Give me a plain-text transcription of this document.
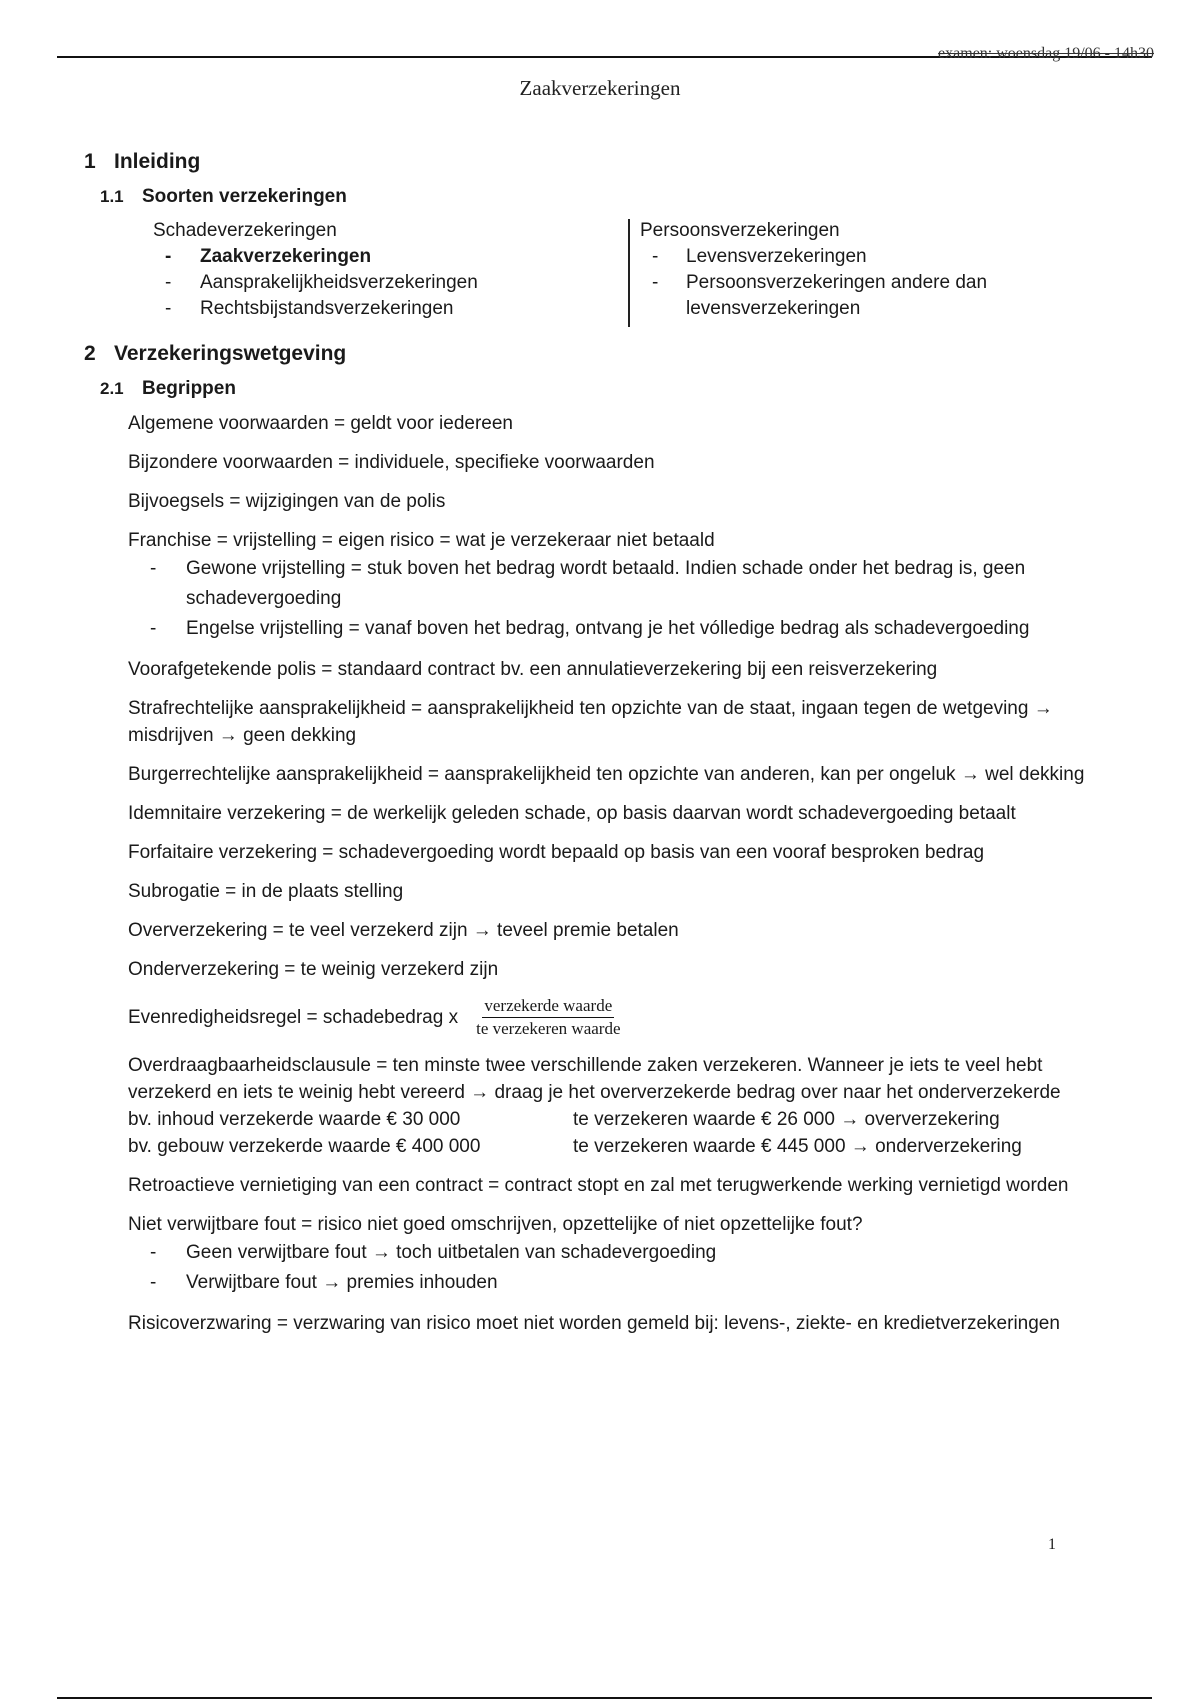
examen: woensdag 19/06 - 14h30
Zaakverzekeringen
1 Inleiding
1.1 Soorten verzekeringen

Schadeverzekeringen

- Zaakverzekeringen
- Aansprakelijkheidsverzekeringen
- Rechtsbijstandsverzekeringen

Persoonsverzekeringen

- Levensverzekeringen
- Persoonsverzekeringen andere dan levensverzekeringen
2 Verzekeringswetgeving
2.1 Begrippen

Algemene voorwaarden = geldt voor iedereen

Bijzondere voorwaarden = individuele, specifieke voorwaarden

Bijvoegsels = wijzigingen van de polis

Franchise = vrijstelling = eigen risico = wat je verzekeraar niet betaald

- Gewone vrijstelling = stuk boven het bedrag wordt betaald. Indien schade onder het bedrag is, geen schadevergoeding
- Engelse vrijstelling = vanaf boven het bedrag, ontvang je het vólledige bedrag als schadevergoeding

Voorafgetekende polis = standaard contract bv. een annulatieverzekering bij een reisverzekering

Strafrechtelijke aansprakelijkheid = aansprakelijkheid ten opzichte van de staat, ingaan tegen de wetgeving → misdrijven → geen dekking

Burgerrechtelijke aansprakelijkheid = aansprakelijkheid ten opzichte van anderen, kan per ongeluk → wel dekking

Idemnitaire verzekering = de werkelijk geleden schade, op basis daarvan wordt schadevergoeding betaalt

Forfaitaire verzekering = schadevergoeding wordt bepaald op basis van een vooraf besproken bedrag

Subrogatie = in de plaats stelling

Oververzekering = te veel verzekerd zijn → teveel premie betalen

Onderverzekering = te weinig verzekerd zijn

Evenredigheidsregel = schadebedrag x $\frac{\text{verzekerde waarde}}{\text{te verzekeren waarde}}$

Overdraagbaarheidsclausule = ten minste twee verschillende zaken verzekeren. Wanneer je iets te veel hebt verzekerd en iets te weinig hebt vereerd → draag je het oververzekerde bedrag over naar het onderverzekerde

bv. inhoud verzekerde waarde € 30 000	te verzekeren waarde € 26 000 → oververzekering
bv. gebouw verzekerde waarde € 400 000	te verzekeren waarde € 445 000 → onderverzekering

Retroactieve vernietiging van een contract = contract stopt en zal met terugwerkende werking vernietigd worden

Niet verwijtbare fout = risico niet goed omschrijven, opzettelijke of niet opzettelijke fout?

- Geen verwijtbare fout → toch uitbetalen van schadevergoeding
- Verwijtbare fout → premies inhouden

Risicoverzwaring = verzwaring van risico moet niet worden gemeld bij: levens-, ziekte- en kredietverzekeringen

1
